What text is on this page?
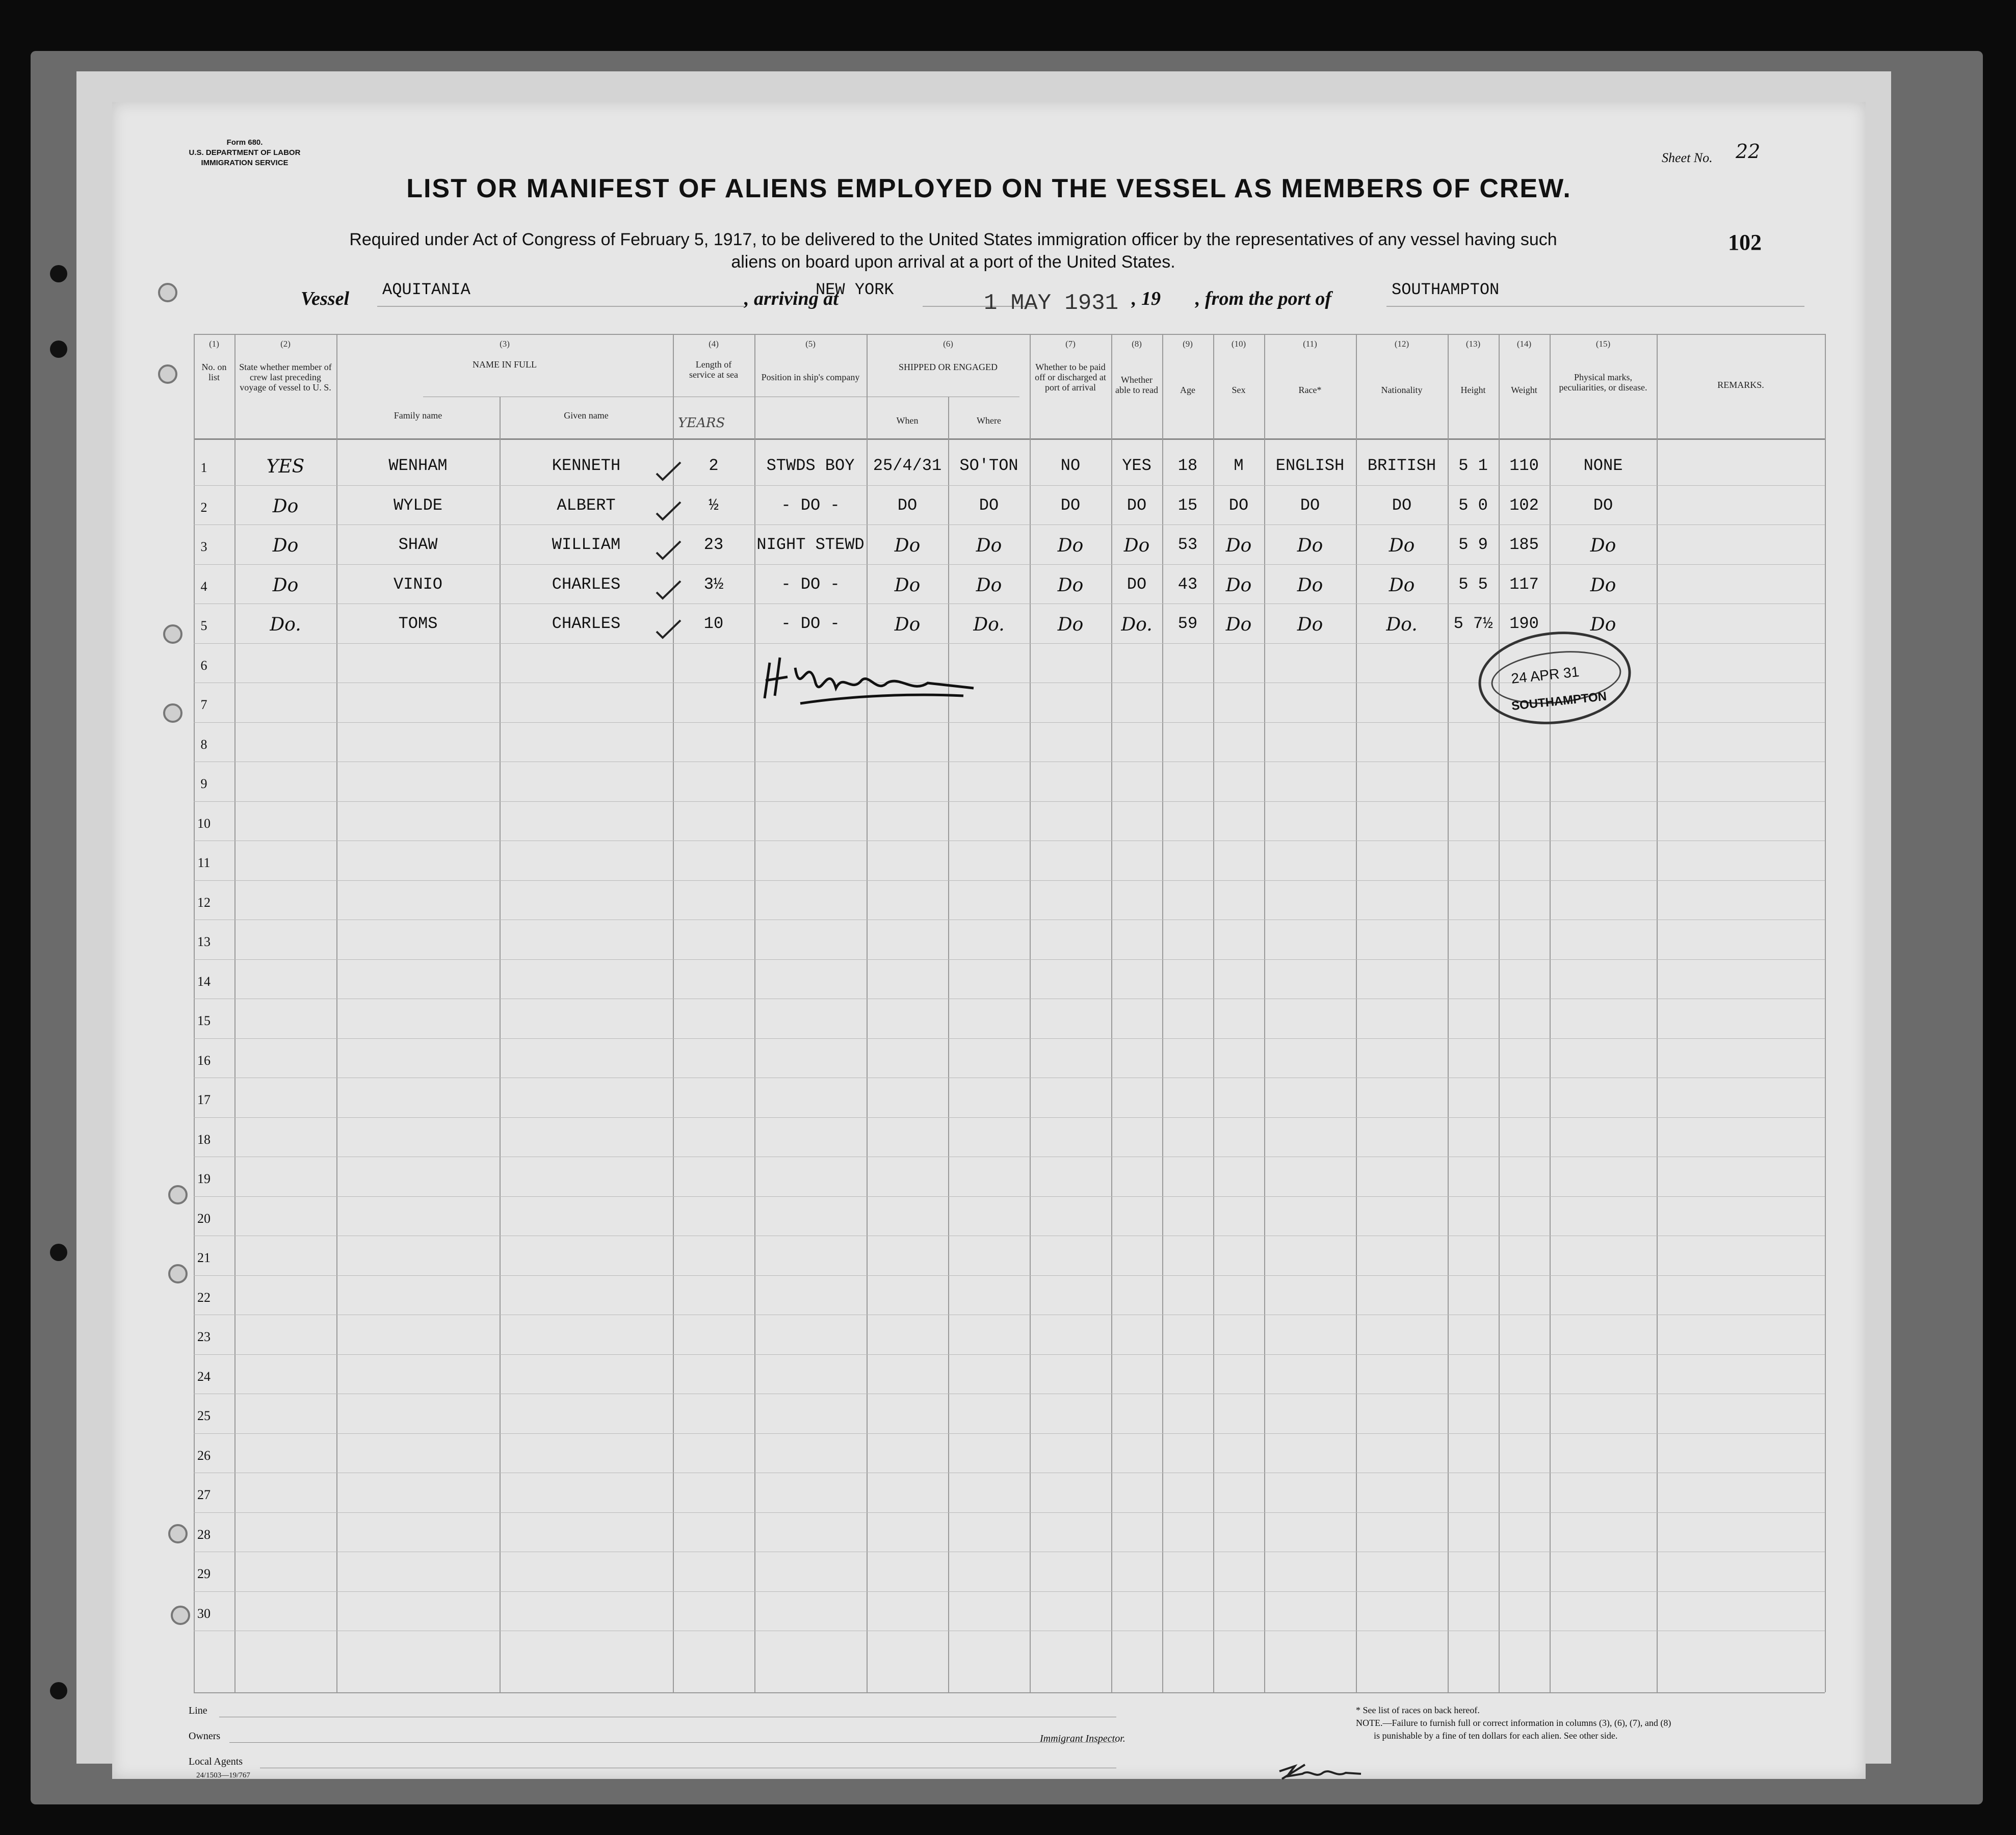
Form 680.
U.S. DEPARTMENT OF LABOR
IMMIGRATION SERVICE	Sheet No. 22
LIST OR MANIFEST OF ALIENS EMPLOYED ON THE VESSEL AS MEMBERS OF CREW.
Required under Act of Congress of February 5, 1917, to be delivered to the United States immigration officer by the representatives of any vessel having such
aliens on board upon arrival at a port of the United States.
102
Vessel AQUITANIA	, arriving at
NEW YORK
1 MAY 1931 , 19 , from the port of	SOUTHAMPTON
(1)	(2)	(3)	(4)	(5)	(6)	(7)	(8)	(9)	(10)	(11)	(12)	(13)	(14)	(15)
No. on list
State whether member of crew last preceding voyage of vessel to U. S.
NAME IN FULL
Family name	Given name
Length of service at sea
YEARS
Position in ship's company
SHIPPED OR ENGAGED
When	Where
Whether to be paid off or discharged at port of arrival
Whether able to read	Age	Sex	Race*	Nationality	Height	Weight
Physical marks, peculiarities, or disease.	REMARKS.
1	YES	WENHAM	KENNETH	2	STWDS BOY	25/4/31	SO'TON	NO	YES	18	M	ENGLISH	BRITISH	5 1	110	NONE
2	Do	WYLDE	ALBERT	½	- DO -	DO	DO	DO	DO	15	DO	DO	DO	5 0	102	DO
3	Do	SHAW	WILLIAM	23	NIGHT STEWD	Do	Do	Do	Do	53	Do	Do	Do	5 9	185	Do
4	Do	VINIO	CHARLES	3½	- DO -	Do	Do	Do	DO	43	Do	Do	Do	5 5	117	Do
5	Do.	TOMS	CHARLES	10	- DO -	Do	Do.	Do	Do.	59	Do	Do	Do.	5 7½	190	Do
6
7
8
9
10
11
12
13
14
15
16
17
18
19
20
21
22
23
24
25
26
27
28
29
30
24 APR 31
SOUTHAMPTON
Line
Owners	Immigrant Inspector.
Local Agents
24/1503—19/767
* See list of races on back hereof.
NOTE.—Failure to furnish full or correct information in columns (3), (6), (7), and (8)
is punishable by a fine of ten dollars for each alien. See other side.
